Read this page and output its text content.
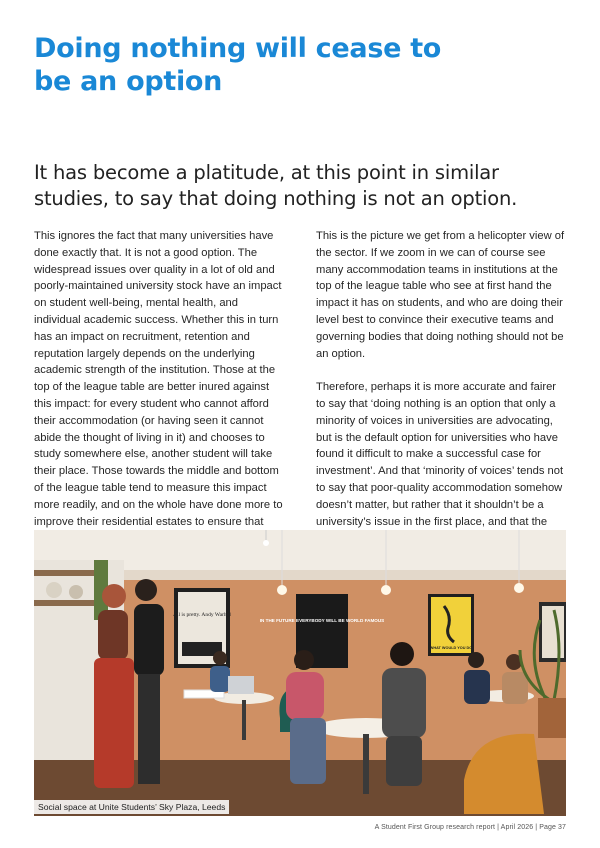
Doing nothing will cease to be an option
It has become a platitude, at this point in similar studies, to say that doing nothing is not an option.

This ignores the fact that many universities have done exactly that. It is not a good option. The widespread issues over quality in a lot of old and poorly-maintained university stock have an impact on student well-being, mental health, and individual academic success. Whether this in turn has an impact on recruitment, retention and reputation largely depends on the underlying academic strength of the institution. Those at the top of the league table are better inured against this impact: for every student who cannot afford their accommodation (or having seen it cannot abide the thought of living in it) and chooses to study somewhere else, another student will take their place. Those towards the middle and bottom of the league table tend to measure this impact more readily, and on the whole have done more to improve their residential estates to ensure that

This is the picture we get from a helicopter view of the sector. If we zoom in we can of course see many accommodation teams in institutions at the top of the league table who see at first hand the impact it has on students, and who are doing their level best to convince their executive teams and governing bodies that doing nothing should not be an option.

Therefore, perhaps it is more accurate and fairer to say that ‘doing nothing is an option that only a minority of voices in universities are advocating, but is the default option for universities who have found it difficult to make a successful case for investment’. And that ‘minority of voices’ tends not to say that poor-quality accommodation somehow doesn’t matter, but rather that it shouldn’t be a university’s issue in the first place, and that the

All is pretty. Andy Warhol
IN THE FUTURE EVERYBODY WILL BE WORLD FAMOUS
WHAT WOULD YOU DO
Social space at Unite Students’ Sky Plaza, Leeds
A Student First Group research report | April 2026 | Page 37
